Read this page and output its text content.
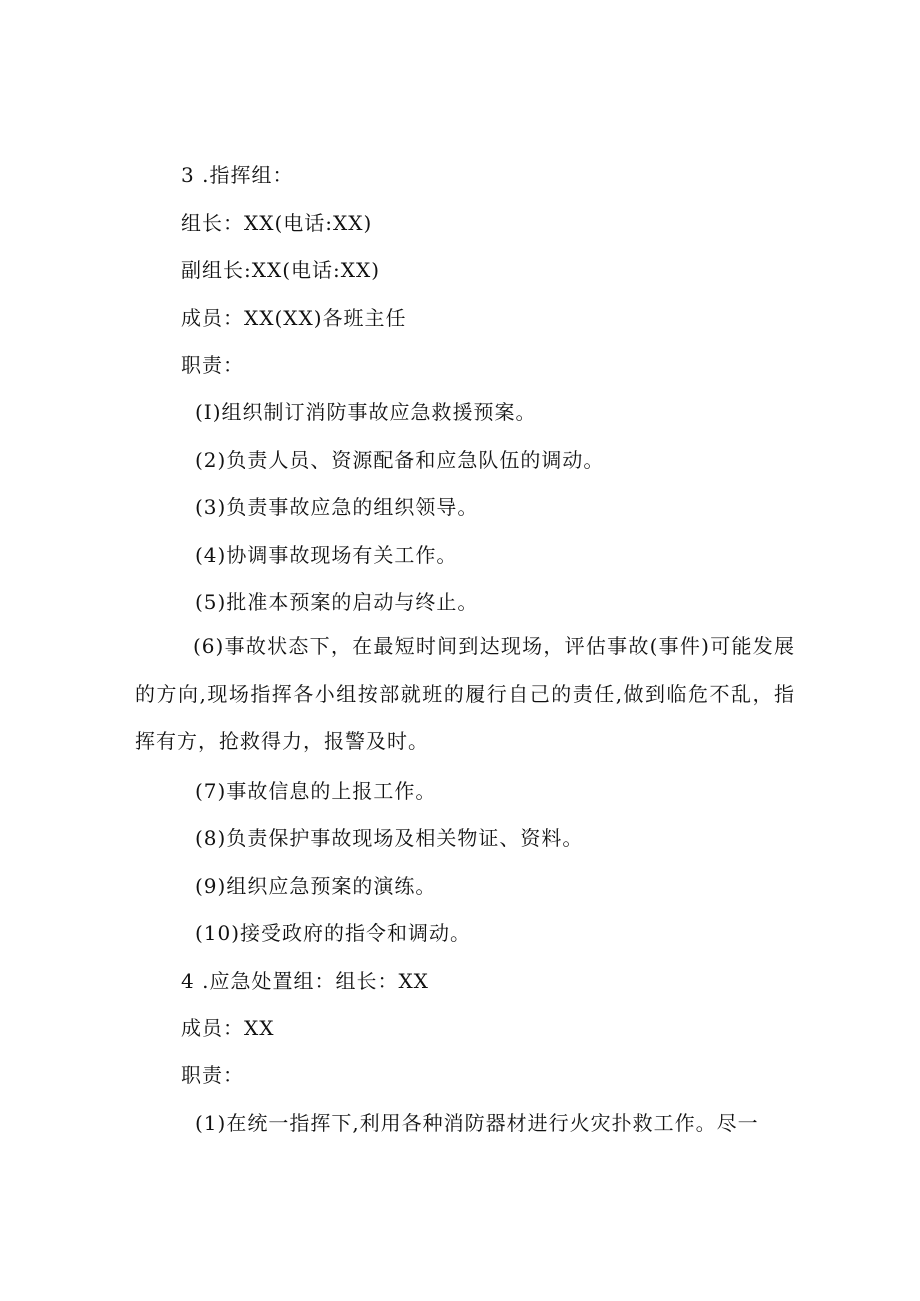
3 .指挥组：
组长：XX(电话:XX)
副组长:XX(电话:XX)
成员：XX(XX)各班主任
职责：
(I)组织制订消防事故应急救援预案。
(2)负责人员、资源配备和应急队伍的调动。
(3)负责事故应急的组织领导。
(4)协调事故现场有关工作。
(5)批准本预案的启动与终止。
(6)事故状态下，在最短时间到达现场，评估事故(事件)可能发展的方向,现场指挥各小组按部就班的履行自己的责任,做到临危不乱，指挥有方，抢救得力，报警及时。
(7)事故信息的上报工作。
(8)负责保护事故现场及相关物证、资料。
(9)组织应急预案的演练。
(10)接受政府的指令和调动。
4 .应急处置组：组长：XX
成员：XX
职责：
(1)在统一指挥下,利用各种消防器材进行火灾扑救工作。尽一
